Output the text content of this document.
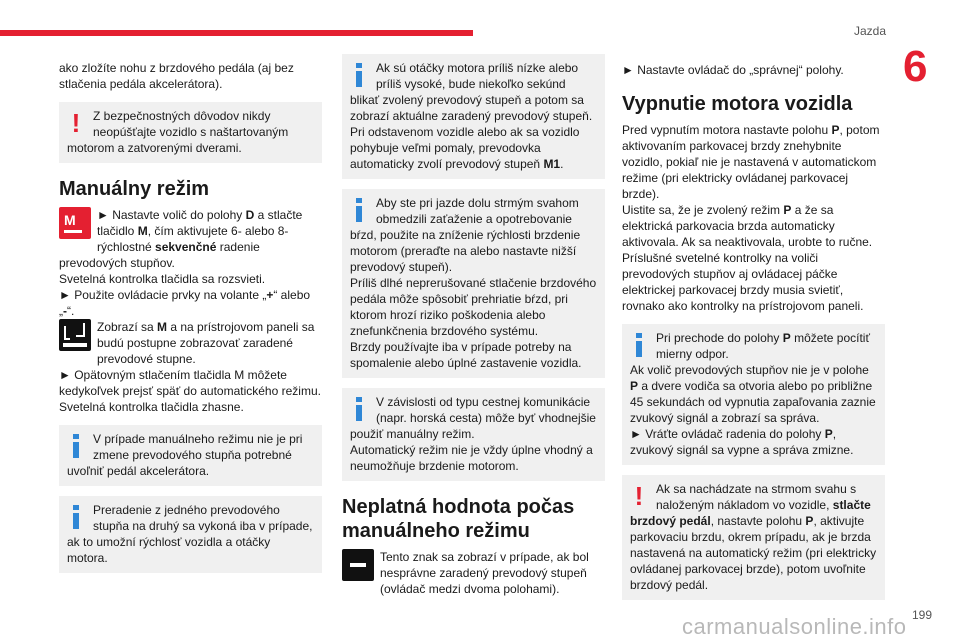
Jazda
6

ako zložíte nohu z brzdového pedála (aj bez stlačenia pedála akcelerátora).

! Z bezpečnostných dôvodov nikdy neopúšťajte vozidlo s naštartovaným motorom a zatvorenými dverami.
Manuálny režim
M	► Nastavte volič do polohy D a stlačte tlačidlo M, čím aktivujete 6- alebo 8-rýchlostné sekvenčné radenie prevodových stupňov.

Svetelná kontrolka tlačidla sa rozsvieti.

► Použite ovládacie prvky na volante „+“ alebo „-“.

Zobrazí sa M a na prístrojovom paneli sa budú postupne zobrazovať zaradené prevodové stupne.

► Opätovným stlačením tlačidla M môžete kedykoľvek prejsť späť do automatického režimu.

Svetelná kontrolka tlačidla zhasne.

V prípade manuálneho režimu nie je pri zmene prevodového stupňa potrebné uvoľniť pedál akcelerátora.
Preradenie z jedného prevodového stupňa na druhý sa vykoná iba v prípade, ak to umožní rýchlosť vozidla a otáčky motora.
Ak sú otáčky motora príliš nízke alebo príliš vysoké, bude niekoľko sekúnd blikať zvolený prevodový stupeň a potom sa zobrazí aktuálne zaradený prevodový stupeň. Pri odstavenom vozidle alebo ak sa vozidlo pohybuje veľmi pomaly, prevodovka automaticky zvolí prevodový stupeň M1.

Aby ste pri jazde dolu strmým svahom obmedzili zaťaženie a opotrebovanie bŕzd, použite na zníženie rýchlosti brzdenie motorom (preraďte na alebo nastavte nižší prevodový stupeň).

Príliš dlhé neprerušované stlačenie brzdového pedála môže spôsobiť prehriatie bŕzd, pri ktorom hrozí riziko poškodenia alebo znefunkčnenia brzdového systému.

Brzdy používajte iba v prípade potreby na spomalenie alebo úplné zastavenie vozidla.

V závislosti od typu cestnej komunikácie (napr. horská cesta) môže byť vhodnejšie použiť manuálny režim.

Automatický režim nie je vždy úplne vhodný a neumožňuje brzdenie motorom.

Neplatná hodnota počas manuálneho režimu

Tento znak sa zobrazí v prípade, ak bol nesprávne zaradený prevodový stupeň (ovládač medzi dvoma polohami).

► Nastavte ovládač do „správnej“ polohy.

Vypnutie motora vozidla

Pred vypnutím motora nastavte polohu P, potom aktivovaním parkovacej brzdy znehybnite vozidlo, pokiaľ nie je nastavená v automatickom režime (pri elektricky ovládanej parkovacej brzde).

Uistite sa, že je zvolený režim P a že sa elektrická parkovacia brzda automaticky aktivovala. Ak sa neaktivovala, urobte to ručne.

Príslušné svetelné kontrolky na voliči prevodových stupňov aj ovládacej páčke elektrickej parkovacej brzdy musia svietiť, rovnako ako kontrolky na prístrojovom paneli.

Pri prechode do polohy P môžete pocítiť mierny odpor.

Ak volič prevodových stupňov nie je v polohe P a dvere vodiča sa otvoria alebo po približne 45 sekundách od vypnutia zapaľovania zaznie zvukový signál a zobrazí sa správa.

► Vráťte ovládač radenia do polohy P, zvukový signál sa vypne a správa zmizne.

! Ak sa nachádzate na strmom svahu s naloženým nákladom vo vozidle, stlačte brzdový pedál, nastavte polohu P, aktivujte parkovaciu brzdu, okrem prípadu, ak je brzda nastavená na automatický režim (pri elektricky ovládanej parkovacej brzde), potom uvoľnite brzdový pedál.
199
carmanualsonline.info
